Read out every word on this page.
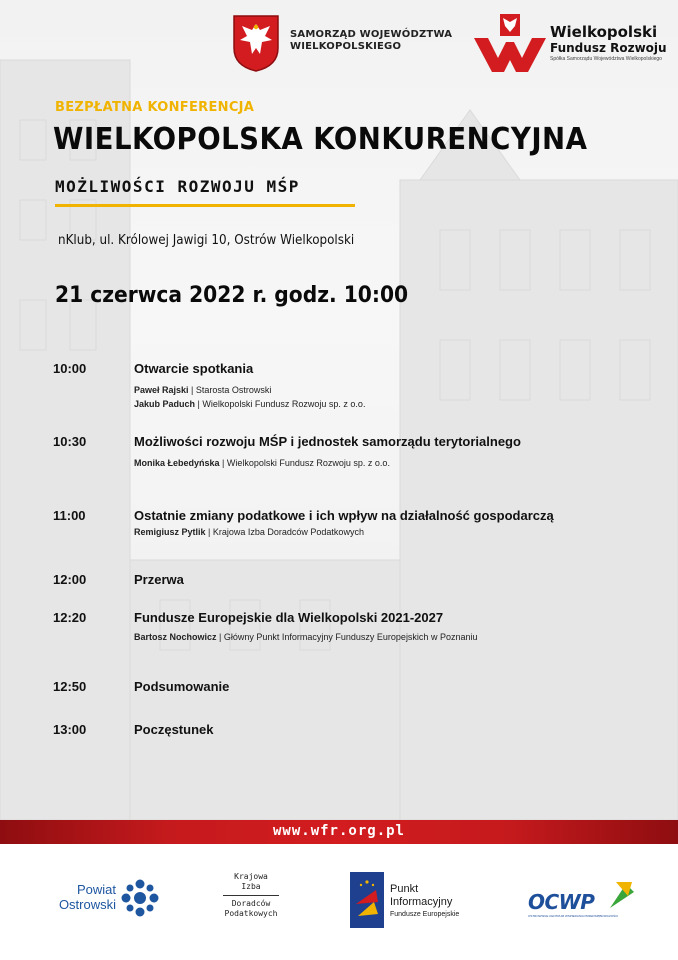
SAMORZĄD WOJEWÓDZTWA
WIELKOPOLSKIEGO
Wielkopolski
Fundusz Rozwoju
Spółka Samorządu Województwa Wielkopolskiego
BEZPŁATNA KONFERENCJA
WIELKOPOLSKA KONKURENCYJNA
MOŻLIWOŚCI ROZWOJU MŚP
nKlub, ul. Królowej Jawigi 10, Ostrów Wielkopolski
21 czerwca 2022 r. godz. 10:00
10:00	Otwarcie spotkania
Paweł Rajski | Starosta Ostrowski
Jakub Paduch | Wielkopolski Fundusz Rozwoju sp. z o.o.
10:30	Możliwości rozwoju MŚP i jednostek samorządu terytorialnego
Monika Łebedyńska | Wielkopolski Fundusz Rozwoju sp. z o.o.
11:00	Ostatnie zmiany podatkowe i ich wpływ na działalność gospodarczą
Remigiusz Pytlik | Krajowa Izba Doradców Podatkowych
12:00	Przerwa
12:20	Fundusze Europejskie dla Wielkopolski 2021-2027
Bartosz Nochowicz | Główny Punkt Informacyjny Funduszy Europejskich w Poznaniu
12:50	Podsumowanie
13:00	Poczęstunek
www.wfr.org.pl
Powiat
Ostrowski
Krajowa
Izba
Doradców
Podatkowych
Punkt
Informacyjny
Fundusze Europejskie
OCWP
OSTROWSKIE CENTRUM WSPIERANIA PRZEDSIĘBIORCZOŚCI
